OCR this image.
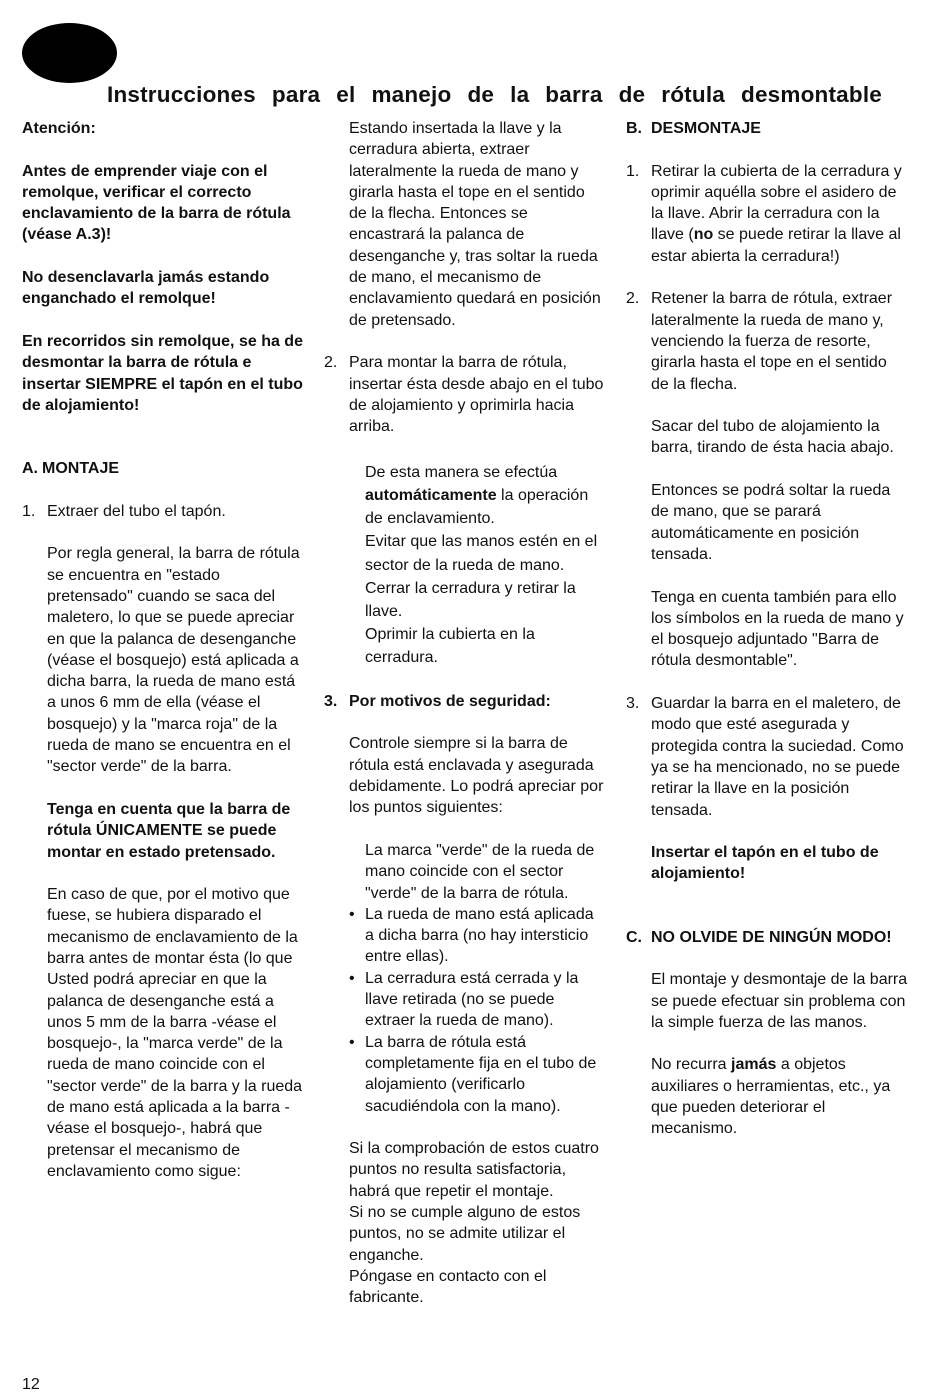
Instrucciones para el manejo de la barra de rótula desmontable

Atención:

Antes de emprender viaje con el remolque, verificar el correcto enclavamiento de la barra de rótula (véase A.3)!

No desenclavarla jamás estando enganchado el remolque!

En recorridos sin remolque, se ha de desmontar la barra de rótula e insertar SIEMPRE el tapón en el tubo de alojamiento!

A. MONTAJE
1. Extraer del tubo el tapón.

Por regla general, la barra de rótula se encuentra en "estado pretensado" cuando se saca del maletero, lo que se puede apreciar en que la palanca de desenganche (véase el bosquejo) está aplicada a dicha barra, la rueda de mano está a unos 6 mm de ella (véase el bosquejo) y la "marca roja" de la rueda de mano se encuentra en el "sector verde" de la barra.

Tenga en cuenta que la barra de rótula ÚNICAMENTE se puede montar en estado pretensado.

En caso de que, por el motivo que fuese, se hubiera disparado el mecanismo de enclavamiento de la barra antes de montar ésta (lo que Usted podrá apreciar en que la palanca de desenganche está a unos 5 mm de la barra -véase el bosquejo-, la "marca verde" de la rueda de mano coincide con el "sector verde" de la barra y la rueda de mano está aplicada a la barra -véase el bosquejo-, habrá que pretensar el mecanismo de enclavamiento como sigue:

Estando insertada la llave y la cerradura abierta, extraer lateralmente la rueda de mano y girarla hasta el tope en el sentido de la flecha. Entonces se encastrará la palanca de desenganche y, tras soltar la rueda de mano, el mecanismo de enclavamiento quedará en posición de pretensado.

2. Para montar la barra de rótula, insertar ésta desde abajo en el tubo de alojamiento y oprimirla hacia arriba.

De esta manera se efectúa automáticamente la operación de enclavamiento.

Evitar que las manos estén en el sector de la rueda de mano.

Cerrar la cerradura y retirar la llave.

Oprimir la cubierta en la cerradura.

3. Por motivos de seguridad:

Controle siempre si la barra de rótula está enclavada y asegurada debidamente. Lo podrá apreciar por los puntos siguientes:

La marca "verde" de la rueda de mano coincide con el sector "verde" de la barra de rótula.

• La rueda de mano está aplicada a dicha barra (no hay intersticio entre ellas).
• La cerradura está cerrada y la llave retirada (no se puede extraer la rueda de mano).
• La barra de rótula está completamente fija en el tubo de alojamiento (verificarlo sacudiéndola con la mano).

Si la comprobación de estos cuatro puntos no resulta satisfactoria, habrá que repetir el montaje.

Si no se cumple alguno de estos puntos, no se admite utilizar el enganche.

Póngase en contacto con el fabricante.

B. DESMONTAJE
1. Retirar la cubierta de la cerradura y oprimir aquélla sobre el asidero de la llave. Abrir la cerradura con la llave (no se puede retirar la llave al estar abierta la cerradura!)
2. Retener la barra de rótula, extraer lateralmente la rueda de mano y, venciendo la fuerza de resorte, girarla hasta el tope en el sentido de la flecha.

Sacar del tubo de alojamiento la barra, tirando de ésta hacia abajo.

Entonces se podrá soltar la rueda de mano, que se parará automáticamente en posición tensada.

Tenga en cuenta también para ello los símbolos en la rueda de mano y el bosquejo adjuntado "Barra de rótula desmontable".

3. Guardar la barra en el maletero, de modo que esté asegurada y protegida contra la suciedad. Como ya se ha mencionado, no se puede retirar la llave en la posición tensada.

Insertar el tapón en el tubo de alojamiento!

C. NO OLVIDE DE NINGÚN MODO!

El montaje y desmontaje de la barra se puede efectuar sin problema con la simple fuerza de las manos.

No recurra jamás a objetos auxiliares o herramientas, etc., ya que pueden deteriorar el mecanismo.

12
